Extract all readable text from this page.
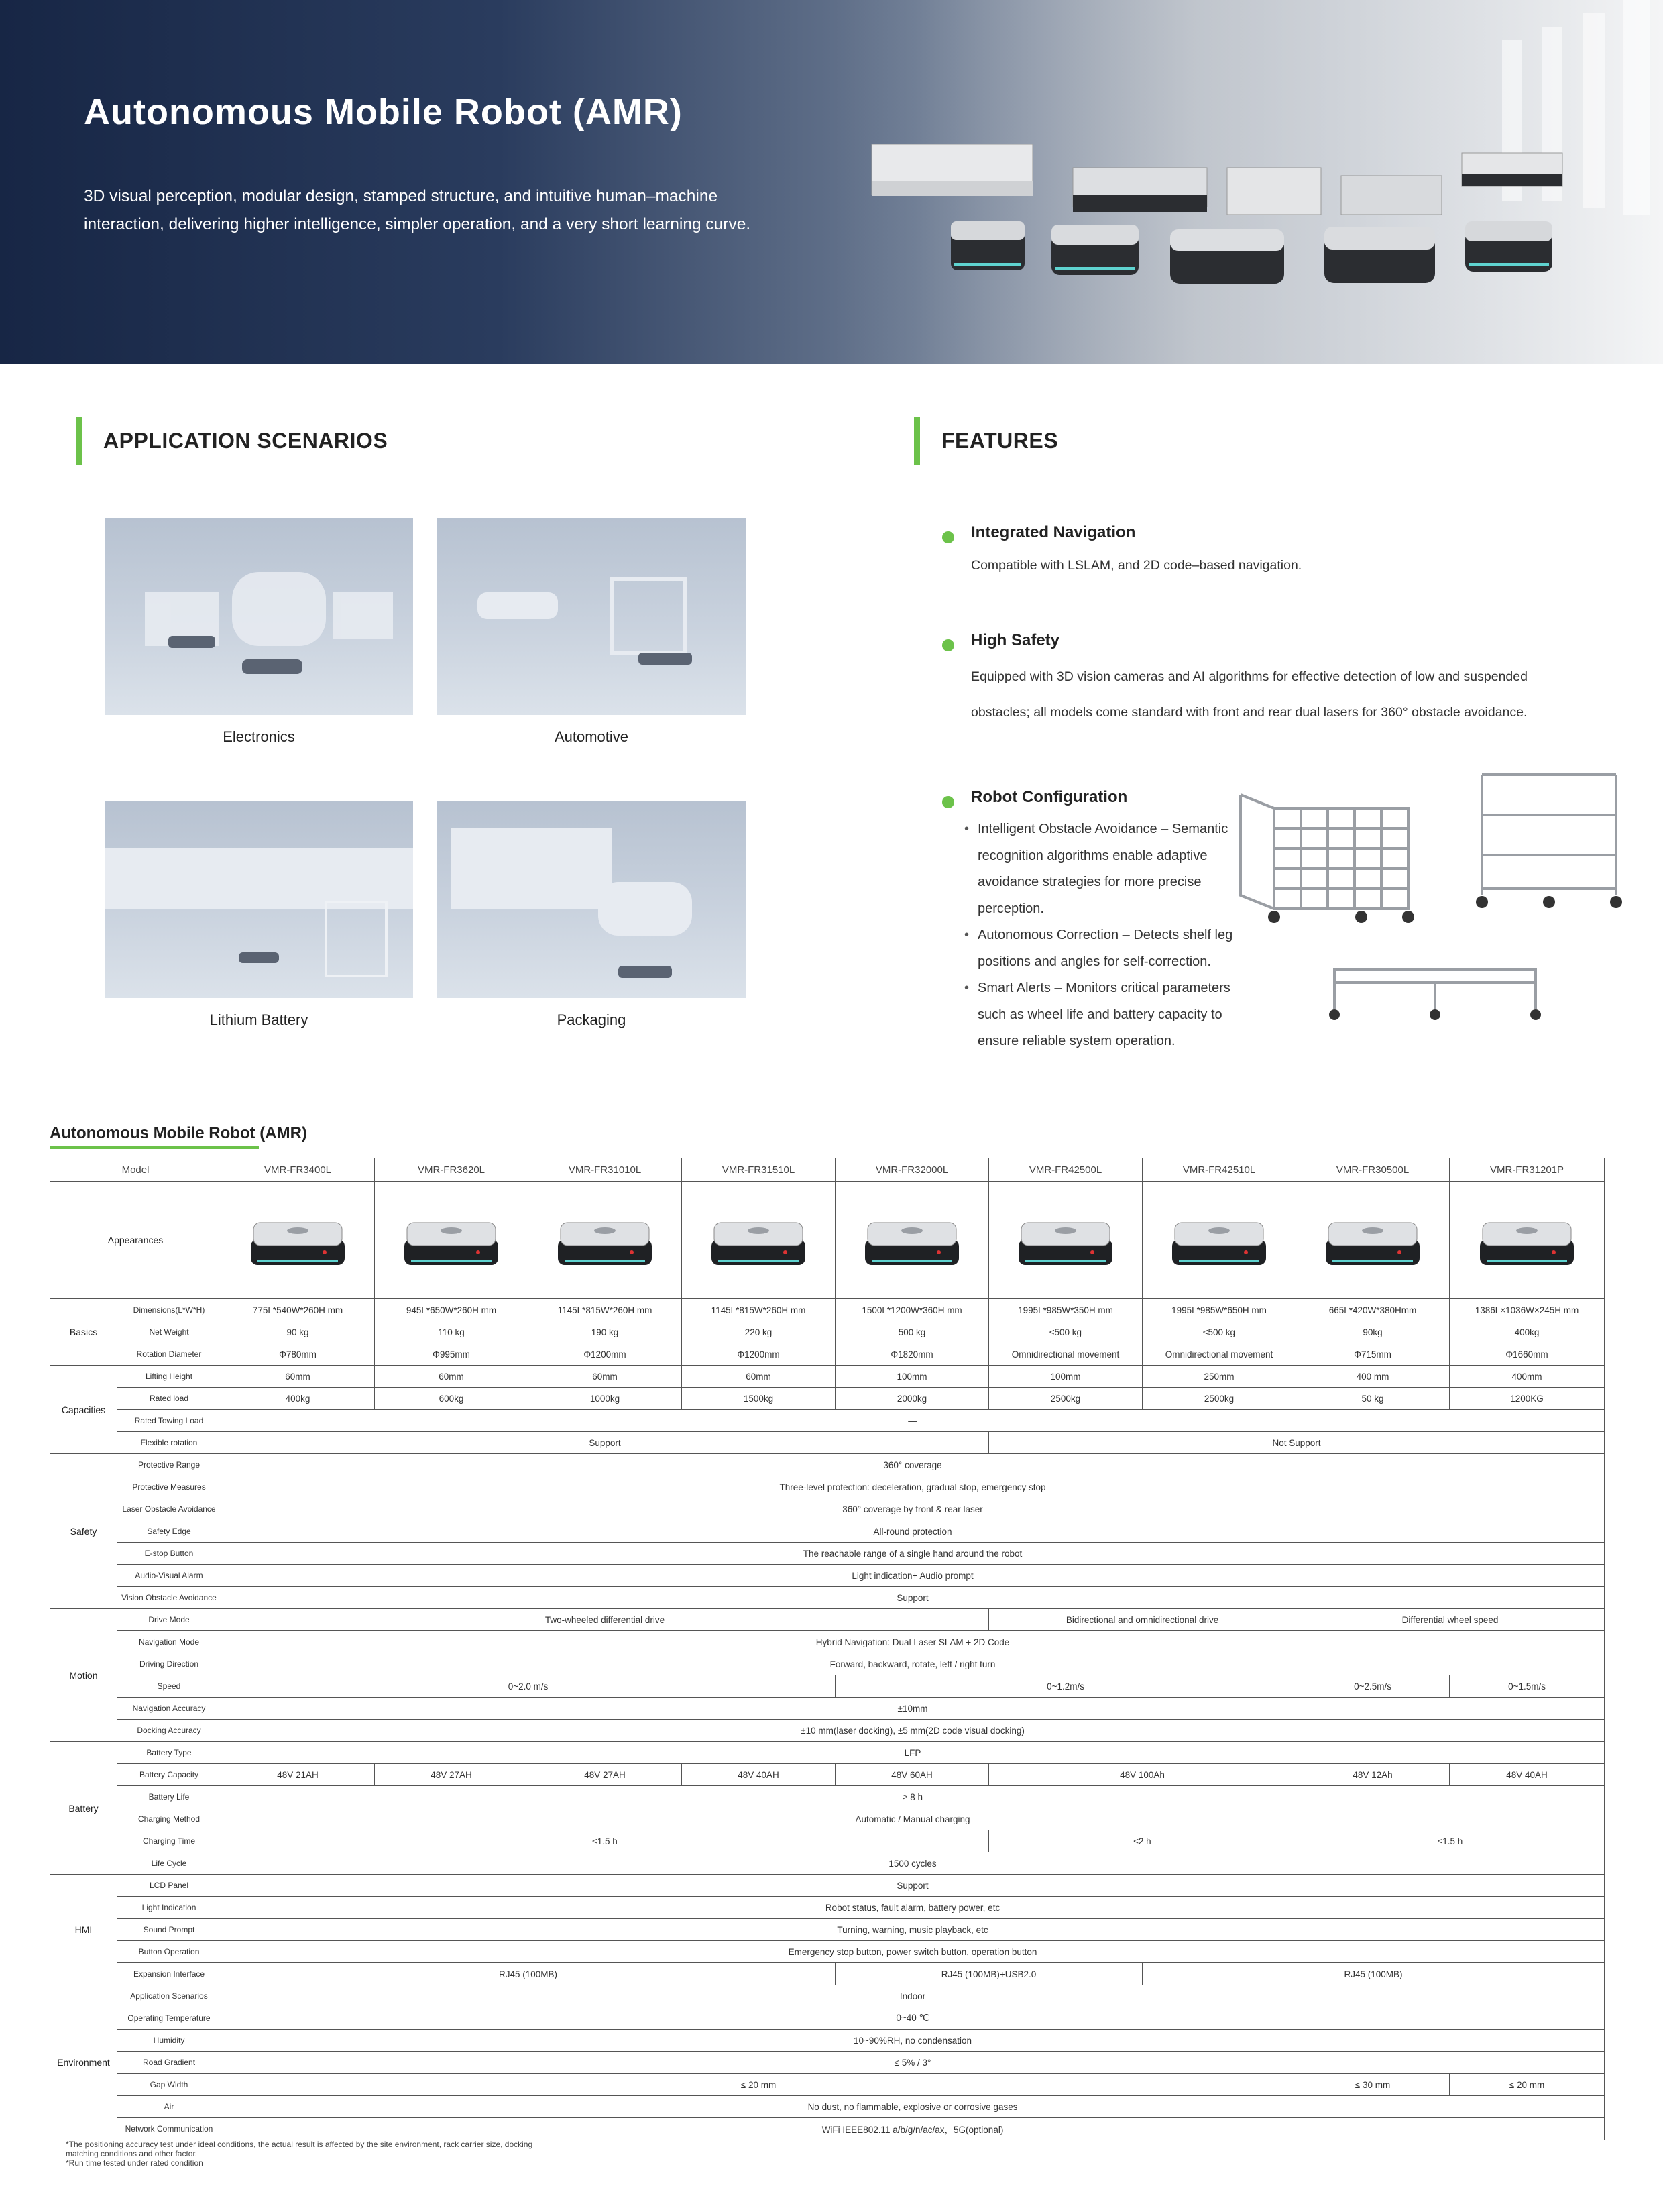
Autonomous Mobile Robot (AMR)
3D visual perception, modular design, stamped structure, and intuitive human–machine interaction, delivering higher intelligence, simpler operation, and a very short learning curve.
APPLICATION SCENARIOS
Electronics	Automotive
Lithium Battery	Packaging
FEATURES
Integrated Navigation
Compatible with LSLAM, and 2D code–based navigation.
High Safety
Equipped with 3D vision cameras and AI algorithms for effective detection of low and suspended
obstacles; all models come standard with front and rear dual lasers for 360° obstacle avoidance.
Robot Configuration
• Intelligent Obstacle Avoidance – Semantic recognition algorithms enable adaptive avoidance strategies for more precise perception.
• Autonomous Correction – Detects shelf leg positions and angles for self-correction.
• Smart Alerts – Monitors critical parameters such as wheel life and battery capacity to ensure reliable system operation.
Autonomous Mobile Robot (AMR)
Model		VMR-FR3400L	VMR-FR3620L	VMR-FR31010L	VMR-FR31510L	VMR-FR32000L	VMR-FR42500L	VMR-FR42510L	VMR-FR30500L	VMR-FR31201P
Appearances									
Basics	Dimensions(L*W*H)	775L*540W*260H mm	945L*650W*260H mm	1145L*815W*260H mm	1145L*815W*260H mm	1500L*1200W*360H mm	1995L*985W*350H mm	1995L*985W*650H mm	665L*420W*380Hmm	1386L×1036W×245H mm
	Net Weight	90 kg	110 kg	190 kg	220 kg	500 kg	≤500 kg	≤500 kg	90kg	400kg
	Rotation Diameter	Φ780mm	Φ995mm	Φ1200mm	Φ1200mm	Φ1820mm	Omnidirectional movement	Omnidirectional movement	Φ715mm	Φ1660mm
Capacities	Lifting Height	60mm	60mm	60mm	60mm	100mm	100mm	250mm	400 mm	400mm
	Rated load	400kg	600kg	1000kg	1500kg	2000kg	2500kg	2500kg	50 kg	1200KG
	Rated Towing Load	—								
	Flexible rotation	Support					Not Support			
Safety	Protective Range	360° coverage								
	Protective Measures	Three-level protection: deceleration, gradual stop, emergency stop								
	Laser Obstacle Avoidance	360° coverage by front & rear laser								
	Safety Edge	All-round protection								
	E-stop Button	The reachable range of a single hand around the robot								
	Audio-Visual Alarm	Light indication+ Audio prompt								
	Vision Obstacle Avoidance	Support								
Motion	Drive Mode	Two-wheeled differential drive					Bidirectional and omnidirectional drive		Differential wheel speed	
	Navigation Mode	Hybrid Navigation: Dual Laser SLAM + 2D Code								
	Driving Direction	Forward, backward, rotate, left / right turn								
	Speed	0~2.0 m/s				0~1.2m/s			0~2.5m/s	0~1.5m/s
	Navigation Accuracy	±10mm								
	Docking Accuracy	±10 mm(laser docking), ±5 mm(2D code visual docking)								
Battery	Battery Type	LFP								
	Battery Capacity	48V 21AH	48V 27AH	48V 27AH	48V 40AH	48V 60AH	48V 100Ah		48V 12Ah	48V 40AH
	Battery Life	≥ 8 h								
	Charging Method	Automatic / Manual charging								
	Charging Time	≤1.5 h					≤2 h		≤1.5 h	
	Life Cycle	1500 cycles								
HMI	LCD Panel	Support								
	Light Indication	Robot status, fault alarm, battery power, etc								
	Sound Prompt	Turning, warning, music playback, etc								
	Button Operation	Emergency stop button, power switch button, operation button								
	Expansion Interface	RJ45 (100MB)				RJ45 (100MB)+USB2.0		RJ45 (100MB)		
Environment	Application Scenarios	Indoor								
	Operating Temperature	0~40 ℃								
	Humidity	10~90%RH, no condensation								
	Road Gradient	≤ 5% / 3°								
	Gap Width	≤ 20 mm							≤ 30 mm	≤ 20 mm
	Air	No dust, no flammable, explosive or corrosive gases								
	Network Communication	WiFi IEEE802.11 a/b/g/n/ac/ax，5G(optional)								
*The positioning accuracy test under ideal conditions, the actual result is affected by the site environment, rack carrier size, docking
matching conditions and other factor.
*Run time tested under rated condition
